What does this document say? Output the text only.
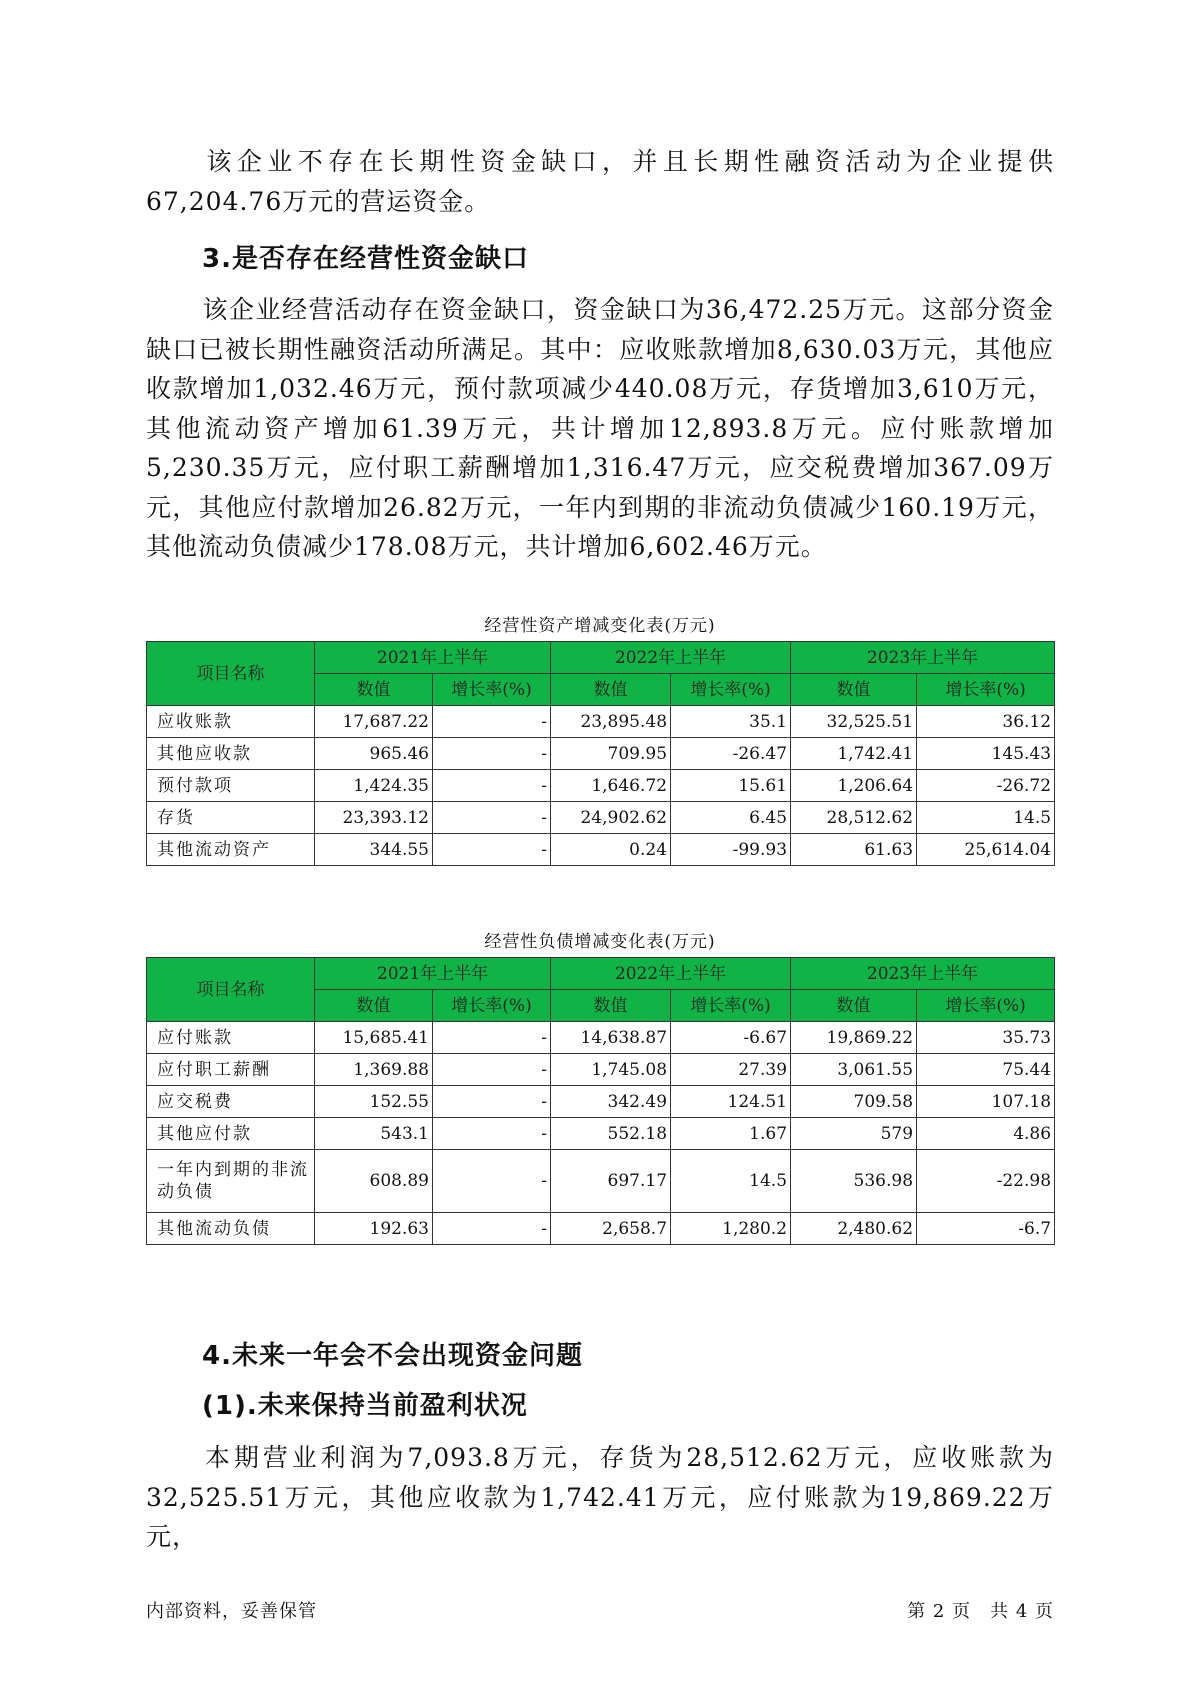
该企业不存在长期性资金缺口，并且长期性融资活动为企业提供67,204.76万元的营运资金。

3.是否存在经营性资金缺口

该企业经营活动存在资金缺口，资金缺口为36,472.25万元。这部分资金缺口已被长期性融资活动所满足。其中：应收账款增加8,630.03万元，其他应收款增加1,032.46万元，预付款项减少440.08万元，存货增加3,610万元，其他流动资产增加61.39万元，共计增加12,893.8万元。应付账款增加5,230.35万元，应付职工薪酬增加1,316.47万元，应交税费增加367.09万元，其他应付款增加26.82万元，一年内到期的非流动负债减少160.19万元，其他流动负债减少178.08万元，共计增加6,602.46万元。

经营性资产增减变化表(万元)
项目名称	2021年上半年		2022年上半年		2023年上半年	
	数值	增长率(%)	数值	增长率(%)	数值	增长率(%)
应收账款	17,687.22	-	23,895.48	35.1	32,525.51	36.12
其他应收款	965.46	-	709.95	-26.47	1,742.41	145.43
预付款项	1,424.35	-	1,646.72	15.61	1,206.64	-26.72
存货	23,393.12	-	24,902.62	6.45	28,512.62	14.5
其他流动资产	344.55	-	0.24	-99.93	61.63	25,614.04
经营性负债增减变化表(万元)
项目名称	2021年上半年		2022年上半年		2023年上半年	
	数值	增长率(%)	数值	增长率(%)	数值	增长率(%)
应付账款	15,685.41	-	14,638.87	-6.67	19,869.22	35.73
应付职工薪酬	1,369.88	-	1,745.08	27.39	3,061.55	75.44
应交税费	152.55	-	342.49	124.51	709.58	107.18
其他应付款	543.1	-	552.18	1.67	579	4.86
一年内到期的非流动负债	608.89	-	697.17	14.5	536.98	-22.98
其他流动负债	192.63	-	2,658.7	1,280.2	2,480.62	-6.7
4.未来一年会不会出现资金问题
(1).未来保持当前盈利状况

本期营业利润为7,093.8万元，存货为28,512.62万元，应收账款为32,525.51万元，其他应收款为1,742.41万元，应付账款为19,869.22万元，

内部资料，妥善保管	第 2 页　共 4 页
